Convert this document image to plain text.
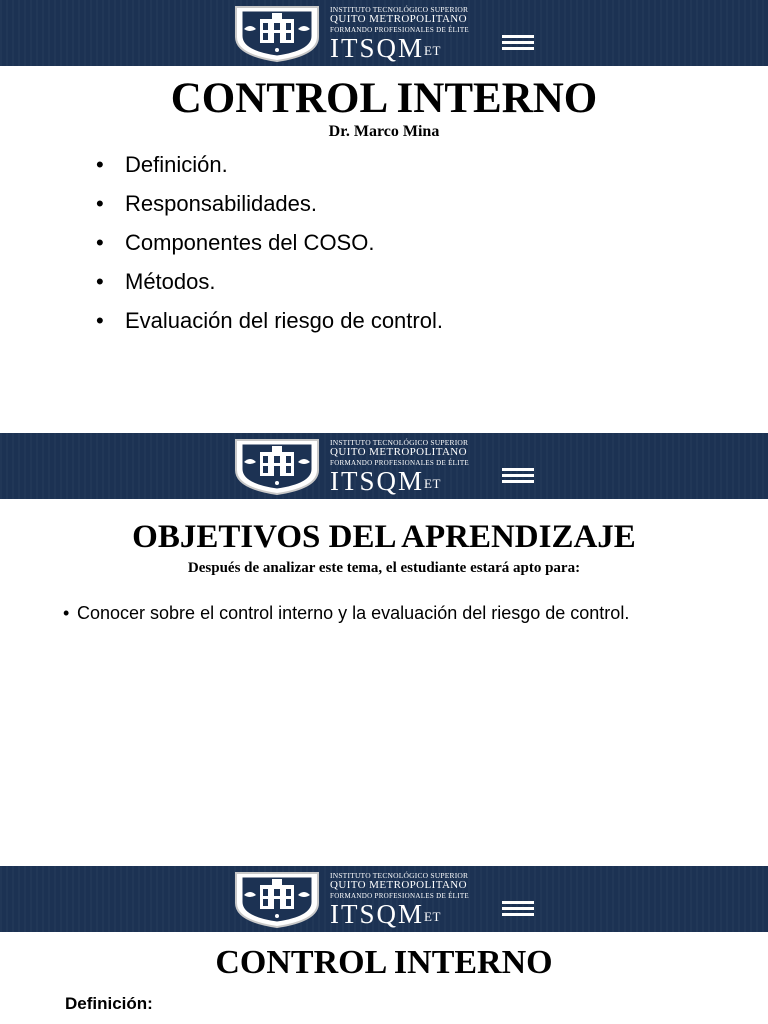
INSTITUTO TECNOLÓGICO SUPERIOR
QUITO METROPOLITANO
FORMANDO PROFESIONALES DE ÉLITE
ITSQMET
CONTROL INTERNO
Dr. Marco Mina
• Definición.
• Responsabilidades.
• Componentes del COSO.
• Métodos.
• Evaluación del riesgo de control.
INSTITUTO TECNOLÓGICO SUPERIOR
QUITO METROPOLITANO
FORMANDO PROFESIONALES DE ÉLITE
ITSQMET
OBJETIVOS DEL APRENDIZAJE
Después de analizar este tema, el estudiante estará apto para:
• Conocer sobre el control interno y la evaluación del riesgo de control.
INSTITUTO TECNOLÓGICO SUPERIOR
QUITO METROPOLITANO
FORMANDO PROFESIONALES DE ÉLITE
ITSQMET
CONTROL INTERNO
Definición:
